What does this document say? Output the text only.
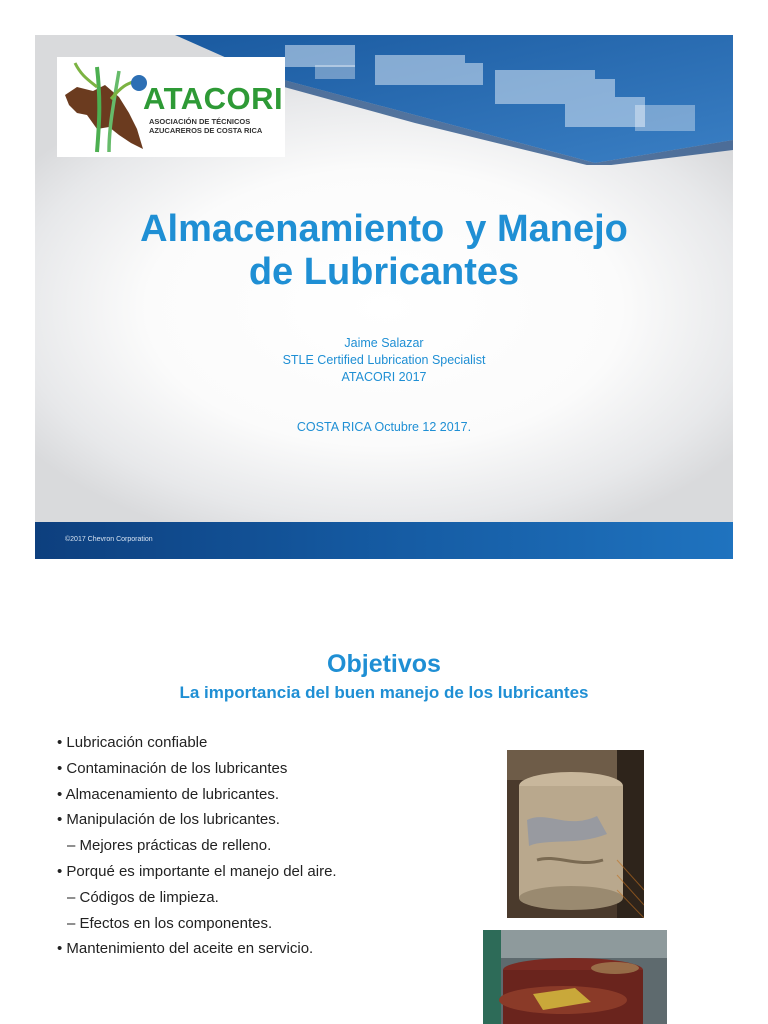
ATACORI
ASOCIACIÓN DE TÉCNICOS
AZUCAREROS DE COSTA RICA
Almacenamiento  y Manejo
de Lubricantes
Jaime Salazar
STLE Certified Lubrication Specialist
ATACORI 2017
COSTA RICA Octubre 12 2017.
©2017 Chevron Corporation
Objetivos
La importancia del buen manejo de los lubricantes
• Lubricación confiable
• Contaminación de los lubricantes
• Almacenamiento de lubricantes.
• Manipulación de los lubricantes.
– Mejores prácticas de relleno.
• Porqué es importante el manejo del aire.
– Códigos de limpieza.
– Efectos en los componentes.
• Mantenimiento del aceite en servicio.
